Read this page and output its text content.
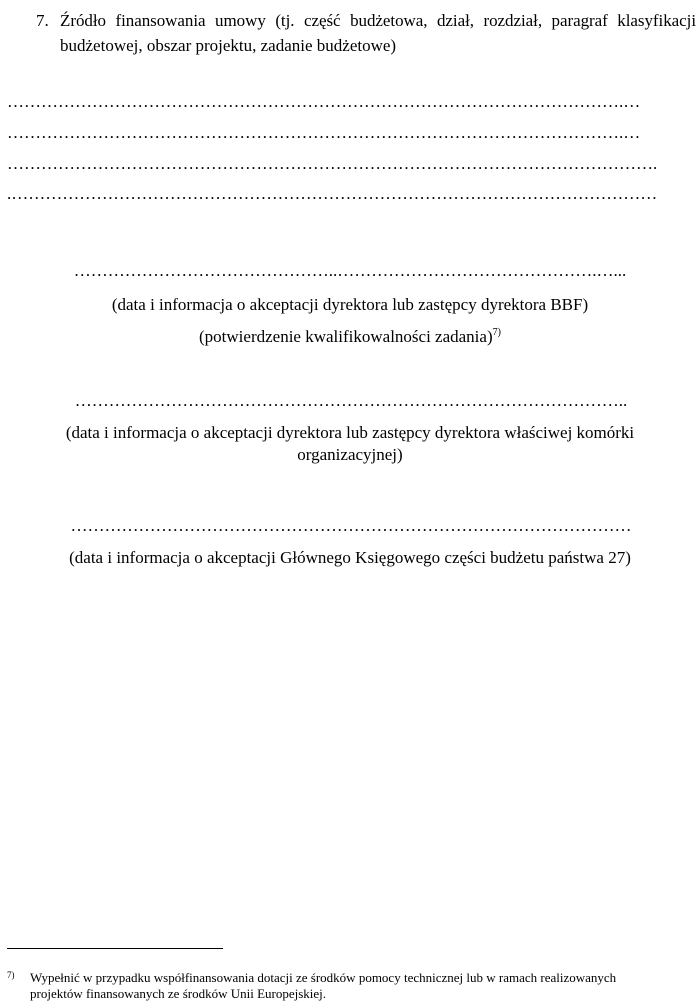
7. Źródło finansowania umowy (tj. część budżetowa, dział, rozdział, paragraf klasyfikacji
budżetowej, obszar projektu, zadanie budżetowe)
……………………………………………………………………………………………….…
……………………………………………………………………………………………….…
…………………………………………………………………………………………………….
.……………………………………………………………………………………………………
………………………………………..……………………………………….…...
(data i informacja o akceptacji dyrektora lub zastępcy dyrektora BBF)
(potwierdzenie kwalifikowalności zadania)$^{7)}$
……………………………………………………………………………………..
(data i informacja o akceptacji dyrektora lub zastępcy dyrektora właściwej komórki
organizacyjnej)
………………………………………………………………………………………
(data i informacja o akceptacji Głównego Księgowego części budżetu państwa 27)
7) Wypełnić w przypadku współfinansowania dotacji ze środków pomocy technicznej lub w ramach realizowanych
projektów finansowanych ze środków Unii Europejskiej.
